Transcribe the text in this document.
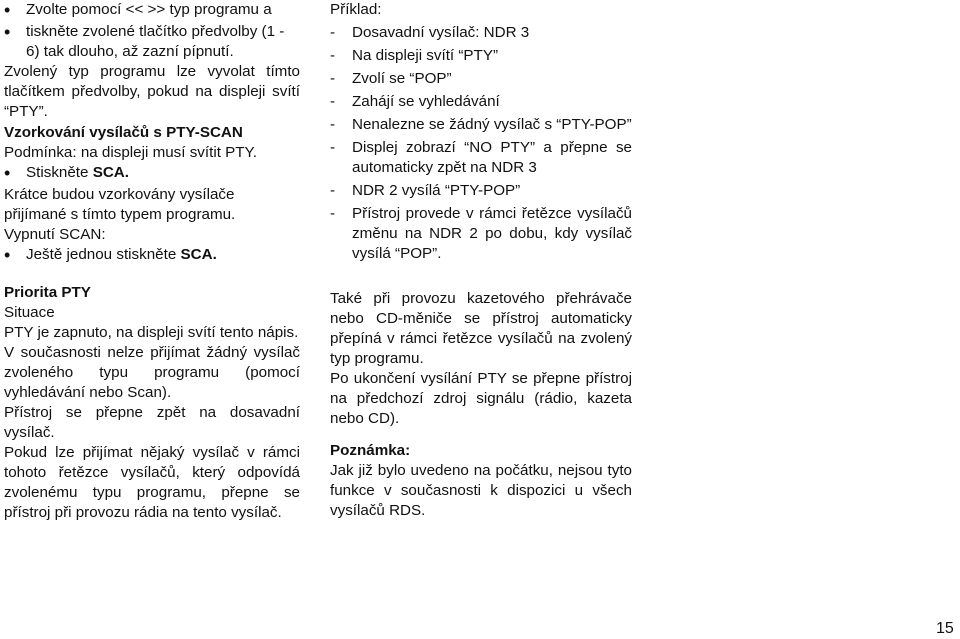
•

Zvolte pomocí << >> typ programu a

•

tiskněte zvolené tlačítko předvolby (1 - 6) tak dlouho, až zazní pípnutí.

Zvolený typ programu lze vyvolat tímto tlačítkem předvolby, pokud na displeji svítí “PTY”.

Vzorkování vysílačů s PTY-SCAN

Podmínka: na displeji musí svítit PTY.

•

Stiskněte SCA.

Krátce budou vzorkovány vysílače přijímané s tímto typem programu.

Vypnutí SCAN:

•

Ještě jednou stiskněte SCA.

Priorita PTY

Situace

PTY je zapnuto, na displeji svítí tento nápis.

V současnosti nelze přijímat žádný vysílač zvoleného typu programu (pomocí vyhledávání nebo Scan).

Přístroj se přepne zpět na dosavadní vysílač.

Pokud lze přijímat nějaký vysílač v rámci tohoto řetězce vysílačů, který odpovídá zvolenému typu programu, přepne se přístroj při provozu rádia na tento vysílač.

Příklad:

-	Dosavadní vysílač: NDR 3

-	Na displeji svítí “PTY”

-	Zvolí se “POP”

-	Zahájí se vyhledávání

-	Nenalezne se žádný vysílač s “PTY-POP”

-	Displej zobrazí “NO PTY” a přepne se automaticky zpět na NDR 3

-	NDR 2 vysílá “PTY-POP”

-	Přístroj provede v rámci řetězce vysílačů změnu na NDR 2 po dobu, kdy vysílač vysílá “POP”.

Také při provozu kazetového přehrávače nebo CD-měniče se přístroj automaticky přepíná v rámci řetězce vysílačů na zvolený typ programu.

Po ukončení vysílání PTY se přepne přístroj na předchozí zdroj signálu (rádio, kazeta nebo CD).

Poznámka:

Jak již bylo uvedeno na počátku, nejsou tyto funkce v současnosti k dispozici u všech vysílačů RDS.

15
